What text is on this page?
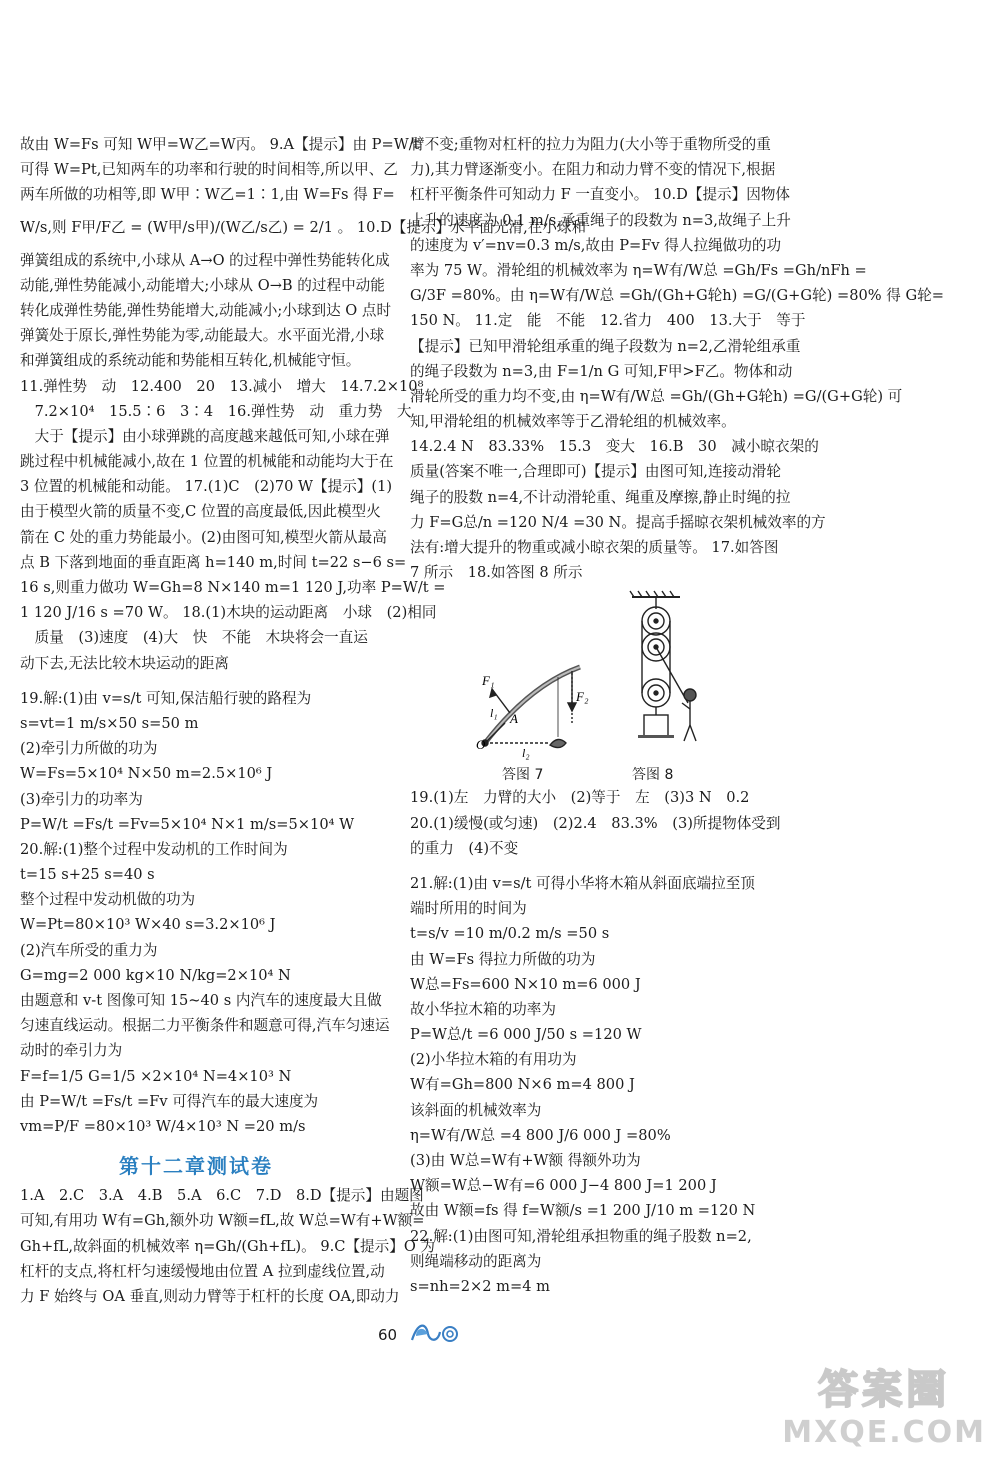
故由 W=Fs 可知 W甲=W乙=W丙。 9.A【提示】由 P=W/t
可得 W=Pt,已知两车的功率和行驶的时间相等,所以甲、乙
两车所做的功相等,即 W甲∶W乙=1∶1,由 W=Fs 得 F=
W/s,则 F甲/F乙 = (W甲/s甲)/(W乙/s乙) = 2/1 。 10.D【提示】水平面光滑,在小球和
弹簧组成的系统中,小球从 A→O 的过程中弹性势能转化成
动能,弹性势能减小,动能增大;小球从 O→B 的过程中动能
转化成弹性势能,弹性势能增大,动能减小;小球到达 O 点时
弹簧处于原长,弹性势能为零,动能最大。水平面光滑,小球
和弹簧组成的系统动能和势能相互转化,机械能守恒。
11.弹性势　动　12.400　20　13.减小　增大　14.7.2×10⁸
　7.2×10⁴　15.5∶6　3∶4　16.弹性势　动　重力势　大
　大于【提示】由小球弹跳的高度越来越低可知,小球在弹
跳过程中机械能减小,故在 1 位置的机械能和动能均大于在
3 位置的机械能和动能。 17.(1)C　(2)70 W【提示】(1)
由于模型火箭的质量不变,C 位置的高度最低,因此模型火
箭在 C 处的重力势能最小。(2)由图可知,模型火箭从最高
点 B 下落到地面的垂直距离 h=140 m,时间 t=22 s−6 s=
16 s,则重力做功 W=Gh=8 N×140 m=1 120 J,功率 P=W/t =
1 120 J/16 s =70 W。 18.(1)木块的运动距离　小球　(2)相同
　质量　(3)速度　(4)大　快　不能　木块将会一直运
动下去,无法比较木块运动的距离
19.解:(1)由 v=s/t 可知,保洁船行驶的路程为
s=vt=1 m/s×50 s=50 m
(2)牵引力所做的功为
W=Fs=5×10⁴ N×50 m=2.5×10⁶ J
(3)牵引力的功率为
P=W/t =Fs/t =Fv=5×10⁴ N×1 m/s=5×10⁴ W
20.解:(1)整个过程中发动机的工作时间为
t=15 s+25 s=40 s
整个过程中发动机做的功为
W=Pt=80×10³ W×40 s=3.2×10⁶ J
(2)汽车所受的重力为
G=mg=2 000 kg×10 N/kg=2×10⁴ N
由题意和 v-t 图像可知 15~40 s 内汽车的速度最大且做
匀速直线运动。根据二力平衡条件和题意可得,汽车匀速运
动时的牵引力为
F=f=1/5 G=1/5 ×2×10⁴ N=4×10³ N
由 P=W/t =Fs/t =Fv 可得汽车的最大速度为
vm=P/F =80×10³ W/4×10³ N =20 m/s
第十二章测试卷
1.A　2.C　3.A　4.B　5.A　6.C　7.D　8.D【提示】由题图
可知,有用功 W有=Gh,额外功 W额=fL,故 W总=W有+W额=
Gh+fL,故斜面的机械效率 η=Gh/(Gh+fL)。 9.C【提示】O 为
杠杆的支点,将杠杆匀速缓慢地由位置 A 拉到虚线位置,动
力 F 始终与 OA 垂直,则动力臂等于杠杆的长度 OA,即动力
臂不变;重物对杠杆的拉力为阻力(大小等于重物所受的重
力),其力臂逐渐变小。在阻力和动力臂不变的情况下,根据
杠杆平衡条件可知动力 F 一直变小。 10.D【提示】因物体
上升的速度为 0.1 m/s,承重绳子的段数为 n=3,故绳子上升
的速度为 v′=nv=0.3 m/s,故由 P=Fv 得人拉绳做功的功
率为 75 W。滑轮组的机械效率为 η=W有/W总 =Gh/Fs =Gh/nFh =
G/3F =80%。由 η=W有/W总 =Gh/(Gh+G轮h) =G/(G+G轮) =80% 得 G轮=
150 N。 11.定　能　不能　12.省力　400　13.大于　等于
【提示】已知甲滑轮组承重的绳子段数为 n=2,乙滑轮组承重
的绳子段数为 n=3,由 F=1/n G 可知,F甲>F乙。物体和动
滑轮所受的重力均不变,由 η=W有/W总 =Gh/(Gh+G轮h) =G/(G+G轮) 可
知,甲滑轮组的机械效率等于乙滑轮组的机械效率。
14.2.4 N　83.33%　15.3　变大　16.B　30　减小晾衣架的
质量(答案不唯一,合理即可)【提示】由图可知,连接动滑轮
绳子的股数 n=4,不计动滑轮重、绳重及摩擦,静止时绳的拉
力 F=G总/n =120 N/4 =30 N。提高手摇晾衣架机械效率的方
法有:增大提升的物重或减小晾衣架的质量等。 17.如答图
7 所示　18.如答图 8 所示
O
A
F₁
F₂
l₁
l₂
答图 7	答图 8
19.(1)左　力臂的大小　(2)等于　左　(3)3 N　0.2
20.(1)缓慢(或匀速)　(2)2.4　83.3%　(3)所提物体受到
的重力　(4)不变
21.解:(1)由 v=s/t 可得小华将木箱从斜面底端拉至顶
端时所用的时间为
t=s/v =10 m/0.2 m/s =50 s
由 W=Fs 得拉力所做的功为
W总=Fs=600 N×10 m=6 000 J
故小华拉木箱的功率为
P=W总/t =6 000 J/50 s =120 W
(2)小华拉木箱的有用功为
W有=Gh=800 N×6 m=4 800 J
该斜面的机械效率为
η=W有/W总 =4 800 J/6 000 J =80%
(3)由 W总=W有+W额 得额外功为
W额=W总−W有=6 000 J−4 800 J=1 200 J
故由 W额=fs 得 f=W额/s =1 200 J/10 m =120 N
22.解:(1)由图可知,滑轮组承担物重的绳子股数 n=2,
则绳端移动的距离为
s=nh=2×2 m=4 m
60
答案圈
MXQE.COM
